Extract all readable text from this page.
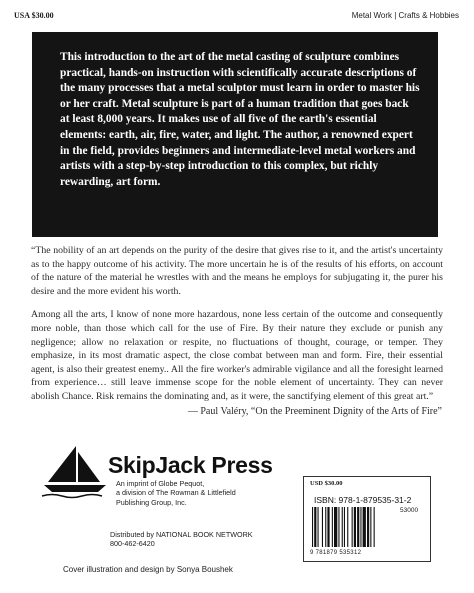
USA $30.00	Metal Work | Crafts & Hobbies

This introduction to the art of the metal casting of sculpture combines practical, hands-on instruction with scientifically accurate descriptions of the many processes that a metal sculptor must learn in order to master his or her craft. Metal sculpture is part of a human tradition that goes back at least 8,000 years. It makes use of all five of the earth's essential elements: earth, air, fire, water, and light. The author, a renowned expert in the field, provides beginners and intermediate-level metal workers and artists with a step-by-step introduction to this complex, but richly rewarding, art form.

“The nobility of an art depends on the purity of the desire that gives rise to it, and the artist's uncertainty as to the happy outcome of his activity. The more uncertain he is of the results of his efforts, on account of the nature of the material he wrestles with and the means he employs for subjugating it, the purer his desire and the more evident his worth.

Among all the arts, I know of none more hazardous, none less certain of the outcome and consequently more noble, than those which call for the use of Fire. By their nature they exclude or punish any negligence; allow no relaxation or respite, no fluctuations of thought, courage, or temper. They emphasize, in its most dramatic aspect, the close combat between man and form. Fire, their essential agent, is also their greatest enemy.. All the fire worker's admirable vigilance and all the foresight learned from experience… still leave immense scope for the noble element of uncertainty. They can never abolish Chance. Risk remains the dominating and, as it were, the sanctifying element of this great art.”

— Paul Valéry, “On the Preeminent Dignity of the Arts of Fire”
SkipJack Press
An imprint of Globe Pequot,
a division of The Rowman & Littlefield
Publishing Group, Inc.
Distributed by NATIONAL BOOK NETWORK
800-462-6420
Cover illustration and design by Sonya Boushek
USD $30.00
ISBN: 978-1-879535-31-2
53000
9 781879 535312
